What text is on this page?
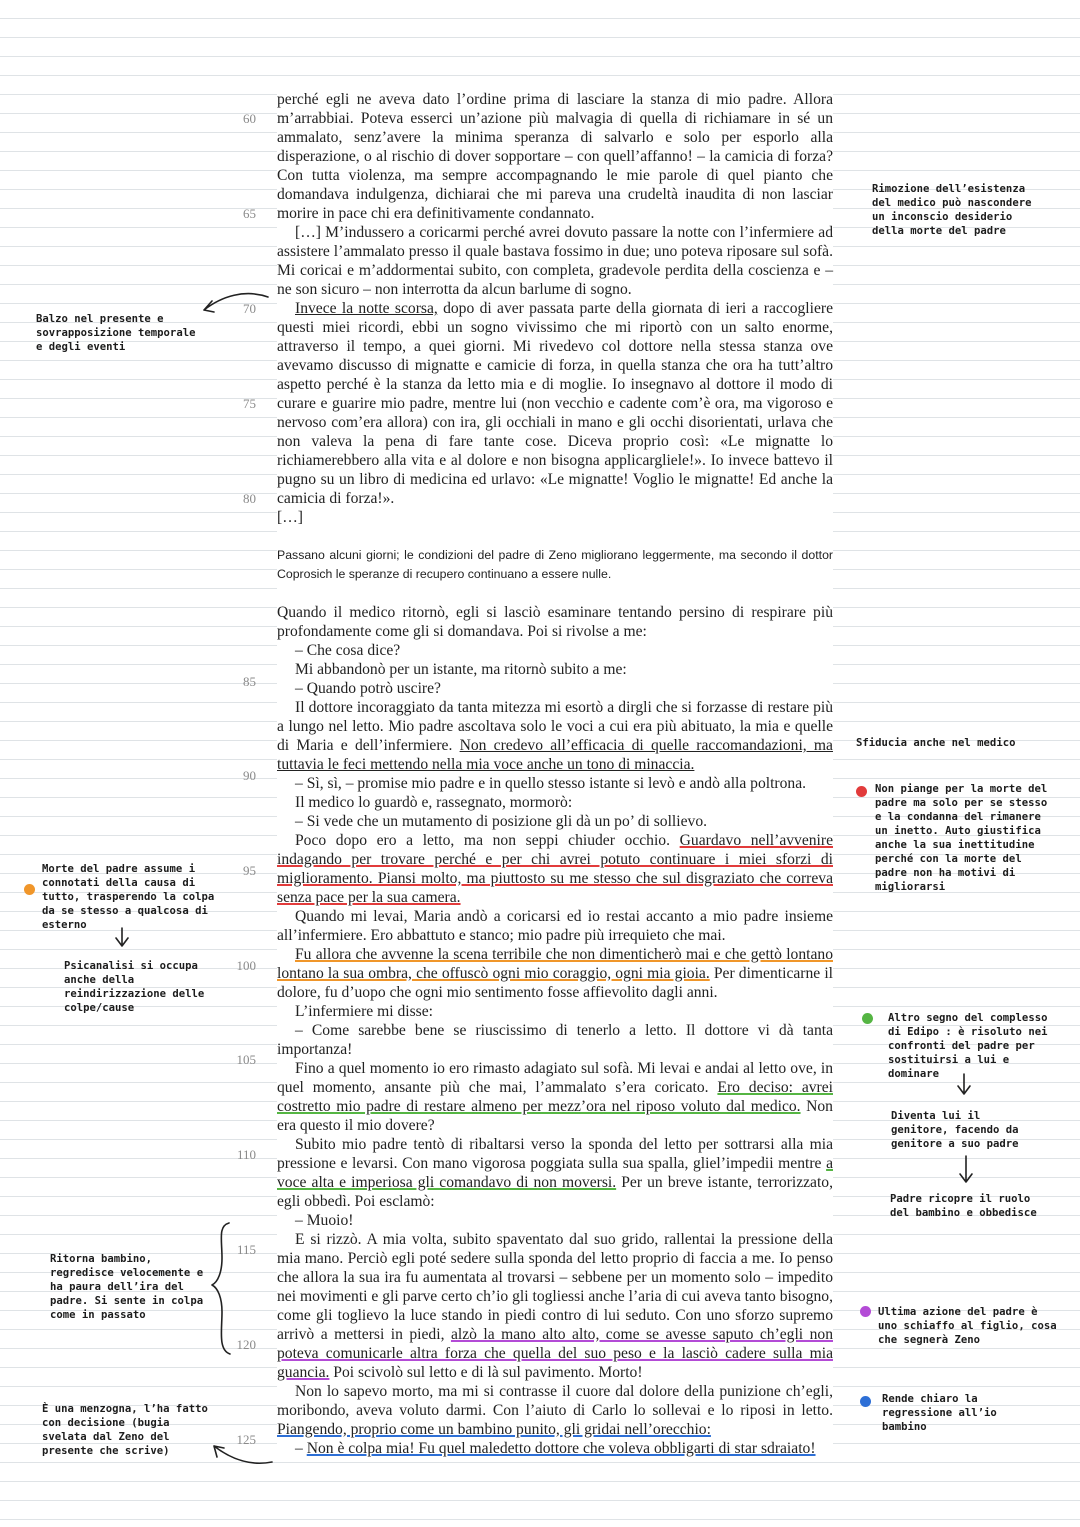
60
65
70
75
80
85
90
95
100
105
110
115
120
125

perché egli ne aveva dato l’ordine prima di lasciare la stanza di mio padre. Allora m’arrabbiai. Poteva esserci un’azione più malvagia di quella di richiamare in sé un ammalato, senz’avere la minima speranza di salvarlo e solo per esporlo alla disperazione, o al rischio di dover sopportare – con quell’affanno! – la camicia di forza? Con tutta violenza, ma sempre accompagnando le mie parole di quel pianto che domandava indulgenza, dichiarai che mi pareva una crudeltà inaudita di non lasciar morire in pace chi era definitivamente condannato.

[…] M’indussero a coricarmi perché avrei dovuto passare la notte con l’infermiere ad assistere l’ammalato presso il quale bastava fossimo in due; uno poteva riposare sul sofà. Mi coricai e m’addormentai subito, con completa, gradevole perdita della coscienza e – ne son sicuro – non interrotta da alcun barlume di sogno.

Invece la notte scorsa, dopo di aver passata parte della giornata di ieri a raccogliere questi miei ricordi, ebbi un sogno vivissimo che mi riportò con un salto enorme, attraverso il tempo, a quei giorni. Mi rivedevo col dottore nella stessa stanza ove avevamo discusso di mignatte e camicie di forza, in quella stanza che ora ha tutt’altro aspetto perché è la stanza da letto mia e di moglie. Io insegnavo al dottore il modo di curare e guarire mio padre, mentre lui (non vecchio e cadente com’è ora, ma vigoroso e nervoso com’era allora) con ira, gli occhiali in mano e gli occhi disorientati, urlava che non valeva la pena di fare tante cose. Diceva proprio così: «Le mignatte lo richiamerebbero alla vita e al dolore e non bisogna applicargliele!». Io invece battevo il pugno su un libro di medicina ed urlavo: «Le mignatte! Voglio le mignatte! Ed anche la camicia di forza!».

[…]

Passano alcuni giorni; le condizioni del padre di Zeno migliorano leggermente, ma secondo il dottor Coprosich le speranze di recupero continuano a essere nulle.

Quando il medico ritornò, egli si lasciò esaminare tentando persino di respirare più profondamente come gli si domandava. Poi si rivolse a me:

– Che cosa dice?

Mi abbandonò per un istante, ma ritornò subito a me:

– Quando potrò uscire?

Il dottore incoraggiato da tanta mitezza mi esortò a dirgli che si forzasse di restare più a lungo nel letto. Mio padre ascoltava solo le voci a cui era più abituato, la mia e quelle di Maria e dell’infermiere. Non credevo all’efficacia di quelle raccomandazioni, ma tuttavia le feci mettendo nella mia voce anche un tono di minaccia.

– Sì, sì, – promise mio padre e in quello stesso istante si levò e andò alla poltrona.

Il medico lo guardò e, rassegnato, mormorò:

– Si vede che un mutamento di posizione gli dà un po’ di sollievo.

Poco dopo ero a letto, ma non seppi chiuder occhio. Guardavo nell’avvenire indagando per trovare perché e per chi avrei potuto continuare i miei sforzi di miglioramento. Piansi molto, ma piuttosto su me stesso che sul disgraziato che correva senza pace per la sua camera.

Quando mi levai, Maria andò a coricarsi ed io restai accanto a mio padre insieme all’infermiere. Ero abbattuto e stanco; mio padre più irrequieto che mai.

Fu allora che avvenne la scena terribile che non dimenticherò mai e che gettò lontano lontano la sua ombra, che offuscò ogni mio coraggio, ogni mia gioia. Per dimenticarne il dolore, fu d’uopo che ogni mio sentimento fosse affievolito dagli anni.

L’infermiere mi disse:

– Come sarebbe bene se riuscissimo di tenerlo a letto. Il dottore vi dà tanta importanza!

Fino a quel momento io ero rimasto adagiato sul sofà. Mi levai e andai al letto ove, in quel momento, ansante più che mai, l’ammalato s’era coricato. Ero deciso: avrei costretto mio padre di restare almeno per mezz’ora nel riposo voluto dal medico. Non era questo il mio dovere?

Subito mio padre tentò di ribaltarsi verso la sponda del letto per sottrarsi alla mia pressione e levarsi. Con mano vigorosa poggiata sulla sua spalla, gliel’impedii mentre a voce alta e imperiosa gli comandavo di non moversi. Per un breve istante, terrorizzato, egli obbedì. Poi esclamò:

– Muoio!

E si rizzò. A mia volta, subito spaventato dal suo grido, rallentai la pressione della mia mano. Perciò egli poté sedere sulla sponda del letto proprio di faccia a me. Io penso che allora la sua ira fu aumentata al trovarsi – sebbene per un momento solo – impedito nei movimenti e gli parve certo ch’io gli togliessi anche l’aria di cui aveva tanto bisogno, come gli toglievo la luce stando in piedi contro di lui seduto. Con uno sforzo supremo arrivò a mettersi in piedi, alzò la mano alto alto, come se avesse saputo ch’egli non poteva comunicarle altra forza che quella del suo peso e la lasciò cadere sulla mia guancia. Poi scivolò sul letto e di là sul pavimento. Morto!

Non lo sapevo morto, ma mi si contrasse il cuore dal dolore della punizione ch’egli, moribondo, aveva voluto darmi. Con l’aiuto di Carlo lo sollevai e lo riposi in letto. Piangendo, proprio come un bambino punito, gli gridai nell’orecchio:

– Non è colpa mia! Fu quel maledetto dottore che voleva obbligarti di star sdraiato!

Rimozione dell’esistenza del medico può nascondere un inconscio desiderio della morte del padre
Sfiducia anche nel medico
Non piange per la morte del padre ma solo per se stesso e la condanna del rimanere un inetto. Auto giustifica anche la sua inettitudine perché con la morte del padre non ha motivi di migliorarsi
Altro segno del complesso di Edipo : è risoluto nei confronti del padre per sostituirsi a lui e dominare
Diventa lui il genitore, facendo da genitore a suo padre
Padre ricopre il ruolo del bambino e obbedisce
Ultima azione del padre è uno schiaffo al figlio, cosa che segnerà Zeno
Rende chiaro la regressione all’io bambino
Balzo nel presente e sovrapposizione temporale e degli eventi
Morte del padre assume i connotati della causa di tutto, trasperendo la colpa da se stesso a qualcosa di esterno
Psicanalisi si occupa anche della reindirizzazione delle colpe/cause
Ritorna bambino, regredisce velocemente e ha paura dell’ira del padre. Si sente in colpa come in passato
È una menzogna, l’ha fatto con decisione (bugia svelata dal Zeno del presente che scrive)
